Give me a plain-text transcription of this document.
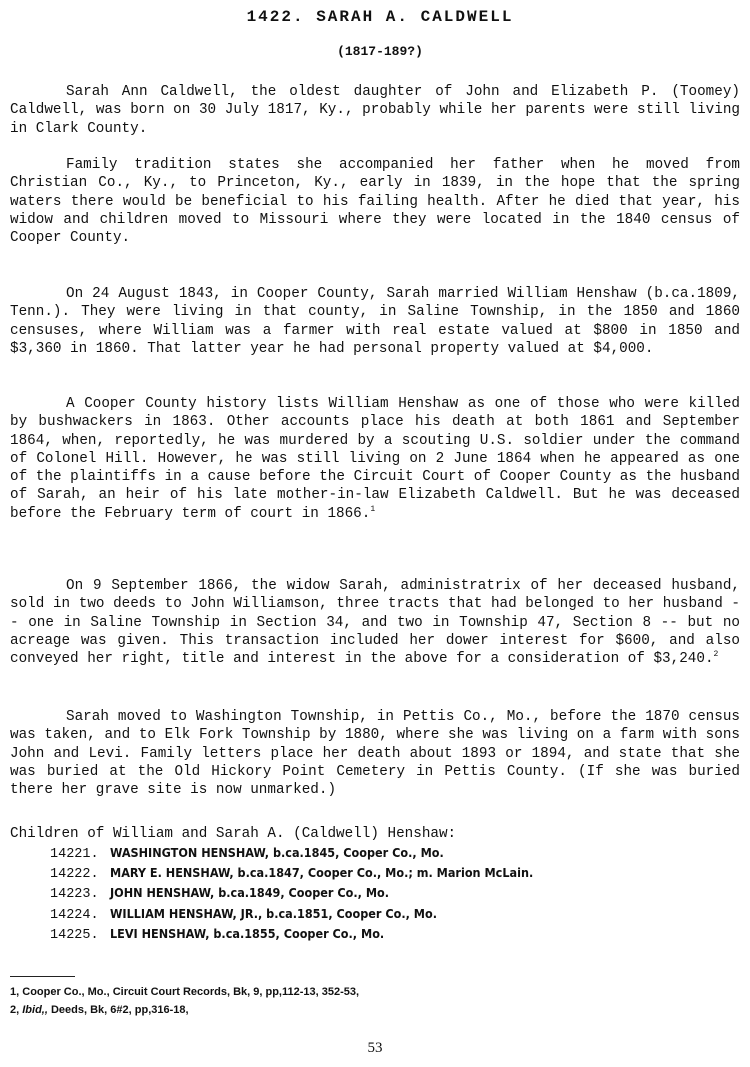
1422. SARAH A. CALDWELL
(1817-189?)

Sarah Ann Caldwell, the oldest daughter of John and Elizabeth P. (Toomey) Caldwell, was born on 30 July 1817, Ky., probably while her parents were still living in Clark County.

Family tradition states she accompanied her father when he moved from Christian Co., Ky., to Princeton, Ky., early in 1839, in the hope that the spring waters there would be beneficial to his failing health. After he died that year, his widow and children moved to Missouri where they were located in the 1840 census of Cooper County.

On 24 August 1843, in Cooper County, Sarah married William Henshaw (b.ca.1809, Tenn.). They were living in that county, in Saline Township, in the 1850 and 1860 censuses, where William was a farmer with real estate valued at $800 in 1850 and $3,360 in 1860. That latter year he had personal property valued at $4,000.

A Cooper County history lists William Henshaw as one of those who were killed by bushwackers in 1863. Other accounts place his death at both 1861 and September 1864, when, reportedly, he was murdered by a scouting U.S. soldier under the command of Colonel Hill. However, he was still living on 2 June 1864 when he appeared as one of the plaintiffs in a cause before the Circuit Court of Cooper County as the husband of Sarah, an heir of his late mother-in-law Elizabeth Caldwell. But he was deceased before the February term of court in 1866.$^1$

On 9 September 1866, the widow Sarah, administratrix of her deceased husband, sold in two deeds to John Williamson, three tracts that had belonged to her husband -- one in Saline Township in Section 34, and two in Township 47, Section 8 -- but no acreage was given. This transaction included her dower interest for $600, and also conveyed her right, title and interest in the above for a consideration of $3,240.$^2$

Sarah moved to Washington Township, in Pettis Co., Mo., before the 1870 census was taken, and to Elk Fork Township by 1880, where she was living on a farm with sons John and Levi. Family letters place her death about 1893 or 1894, and state that she was buried at the Old Hickory Point Cemetery in Pettis County. (If she was buried there her grave site is now unmarked.)

Children of William and Sarah A. (Caldwell) Henshaw:
14221. WASHINGTON HENSHAW, b.ca.1845, Cooper Co., Mo.
14222. MARY E. HENSHAW, b.ca.1847, Cooper Co., Mo.; m. Marion McLain.
14223. JOHN HENSHAW, b.ca.1849, Cooper Co., Mo.
14224. WILLIAM HENSHAW, JR., b.ca.1851, Cooper Co., Mo.
14225. LEVI HENSHAW, b.ca.1855, Cooper Co., Mo.

1, Cooper Co., Mo., Circuit Court Records, Bk, 9, pp,112-13, 352-53,

2, Ibid,, Deeds, Bk, 6#2, pp,316-18,

53
